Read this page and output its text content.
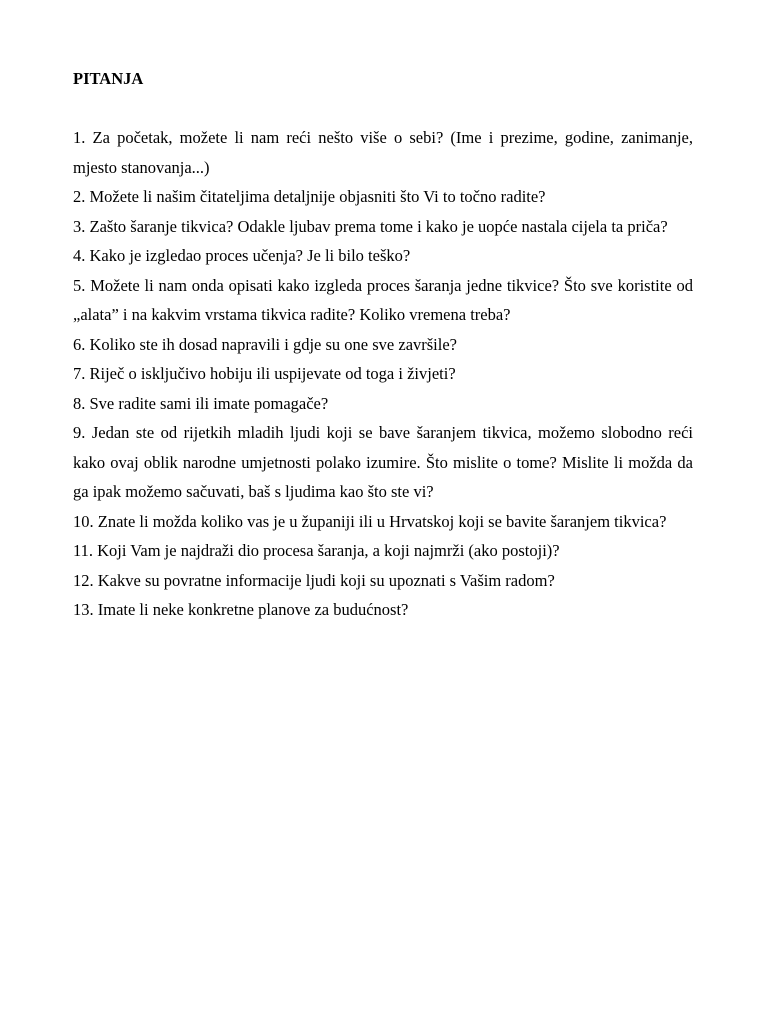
PITANJA
1. Za početak, možete li nam reći nešto više o sebi? (Ime i prezime, godine, zanimanje, mjesto stanovanja...)
2. Možete li našim čitateljima detaljnije objasniti što Vi to točno radite?
3. Zašto šaranje tikvica? Odakle ljubav prema tome i kako je uopće nastala cijela ta priča?
4. Kako je izgledao proces učenja? Je li bilo teško?
5. Možete li nam onda opisati kako izgleda proces šaranja jedne tikvice? Što sve koristite od „alata” i na kakvim vrstama tikvica radite? Koliko vremena treba?
6. Koliko ste ih dosad napravili i gdje su one sve završile?
7. Riječ o isključivo hobiju ili uspijevate od toga i živjeti?
8. Sve radite sami ili imate pomagače?
9. Jedan ste od rijetkih mladih ljudi koji se bave šaranjem tikvica, možemo slobodno reći kako ovaj oblik narodne umjetnosti polako izumire. Što mislite o tome? Mislite li možda da ga ipak možemo sačuvati, baš s ljudima kao što ste vi?
10. Znate li možda koliko vas je u županiji ili u Hrvatskoj koji se bavite šaranjem tikvica?
11. Koji Vam je najdraži dio procesa šaranja, a koji najmrži (ako postoji)?
12. Kakve su povratne informacije ljudi koji su upoznati s Vašim radom?
13. Imate li neke konkretne planove za budućnost?
